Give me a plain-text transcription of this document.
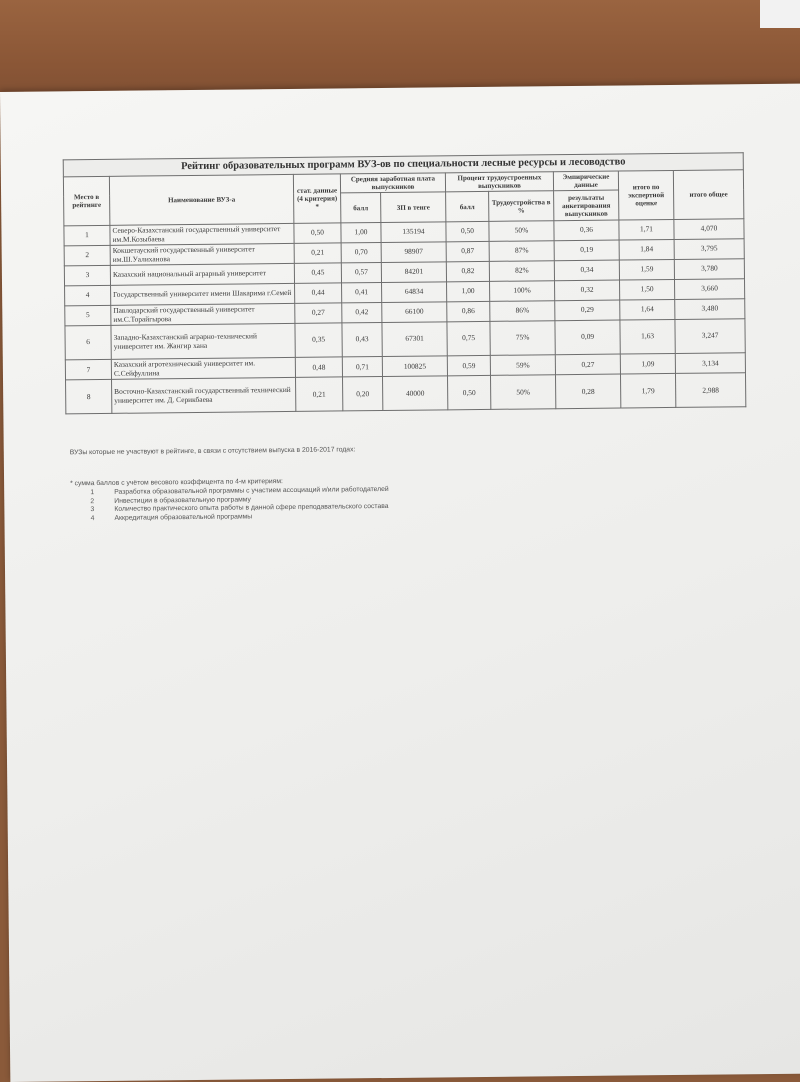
Рейтинг образовательных программ ВУЗ-ов по специальности лесные ресурсы и лесоводство
Место в рейтинге	Наименование ВУЗ-а	стат. данные (4 критерия) *	Средняя заработная плата выпускников		Процент трудоустроенных выпускников		Эмпирические данные	итого по экспертной оценке	итого общее
			балл	ЗП в тенге	балл	Трудоустройства в %	результаты анкетирования выпускников		
1	Северо-Казахстанский государственный университет им.М.Козыбаева	0,50	1,00	135194	0,50	50%	0,36	1,71	4,070
2	Кокшетауский государственный университет им.Ш.Уалиханова	0,21	0,70	98907	0,87	87%	0,19	1,84	3,795
3	Казахский национальный аграрный университет	0,45	0,57	84201	0,82	82%	0,34	1,59	3,780
4	Государственный университет имени Шакарима г.Семей	0,44	0,41	64834	1,00	100%	0,32	1,50	3,660
5	Павлодарский государственный университет им.С.Торайгырова	0,27	0,42	66100	0,86	86%	0,29	1,64	3,480
6	Западно-Казахстанский аграрно-технический университет им. Жангир хана	0,35	0,43	67301	0,75	75%	0,09	1,63	3,247
7	Казахский агротехнический университет им. С.Сейфуллина	0,48	0,71	100825	0,59	59%	0,27	1,09	3,134
8	Восточно-Казахстанский государственный технический университет им. Д. Серикбаева	0,21	0,20	40000	0,50	50%	0,28	1,79	2,988

ВУЗы которые не участвуют в рейтинге, в связи с отсутствием выпуска в 2016-2017 годах:

* сумма баллов с учётом весового коэффицента по 4-м критериям:

1	Разработка образовательной программы с участием ассоциаций и/или работодателей
2	Инвестиции в образовательную программу
3	Количество практического опыта работы в данной сфере преподавательского состава
4	Аккредитация образовательной программы
